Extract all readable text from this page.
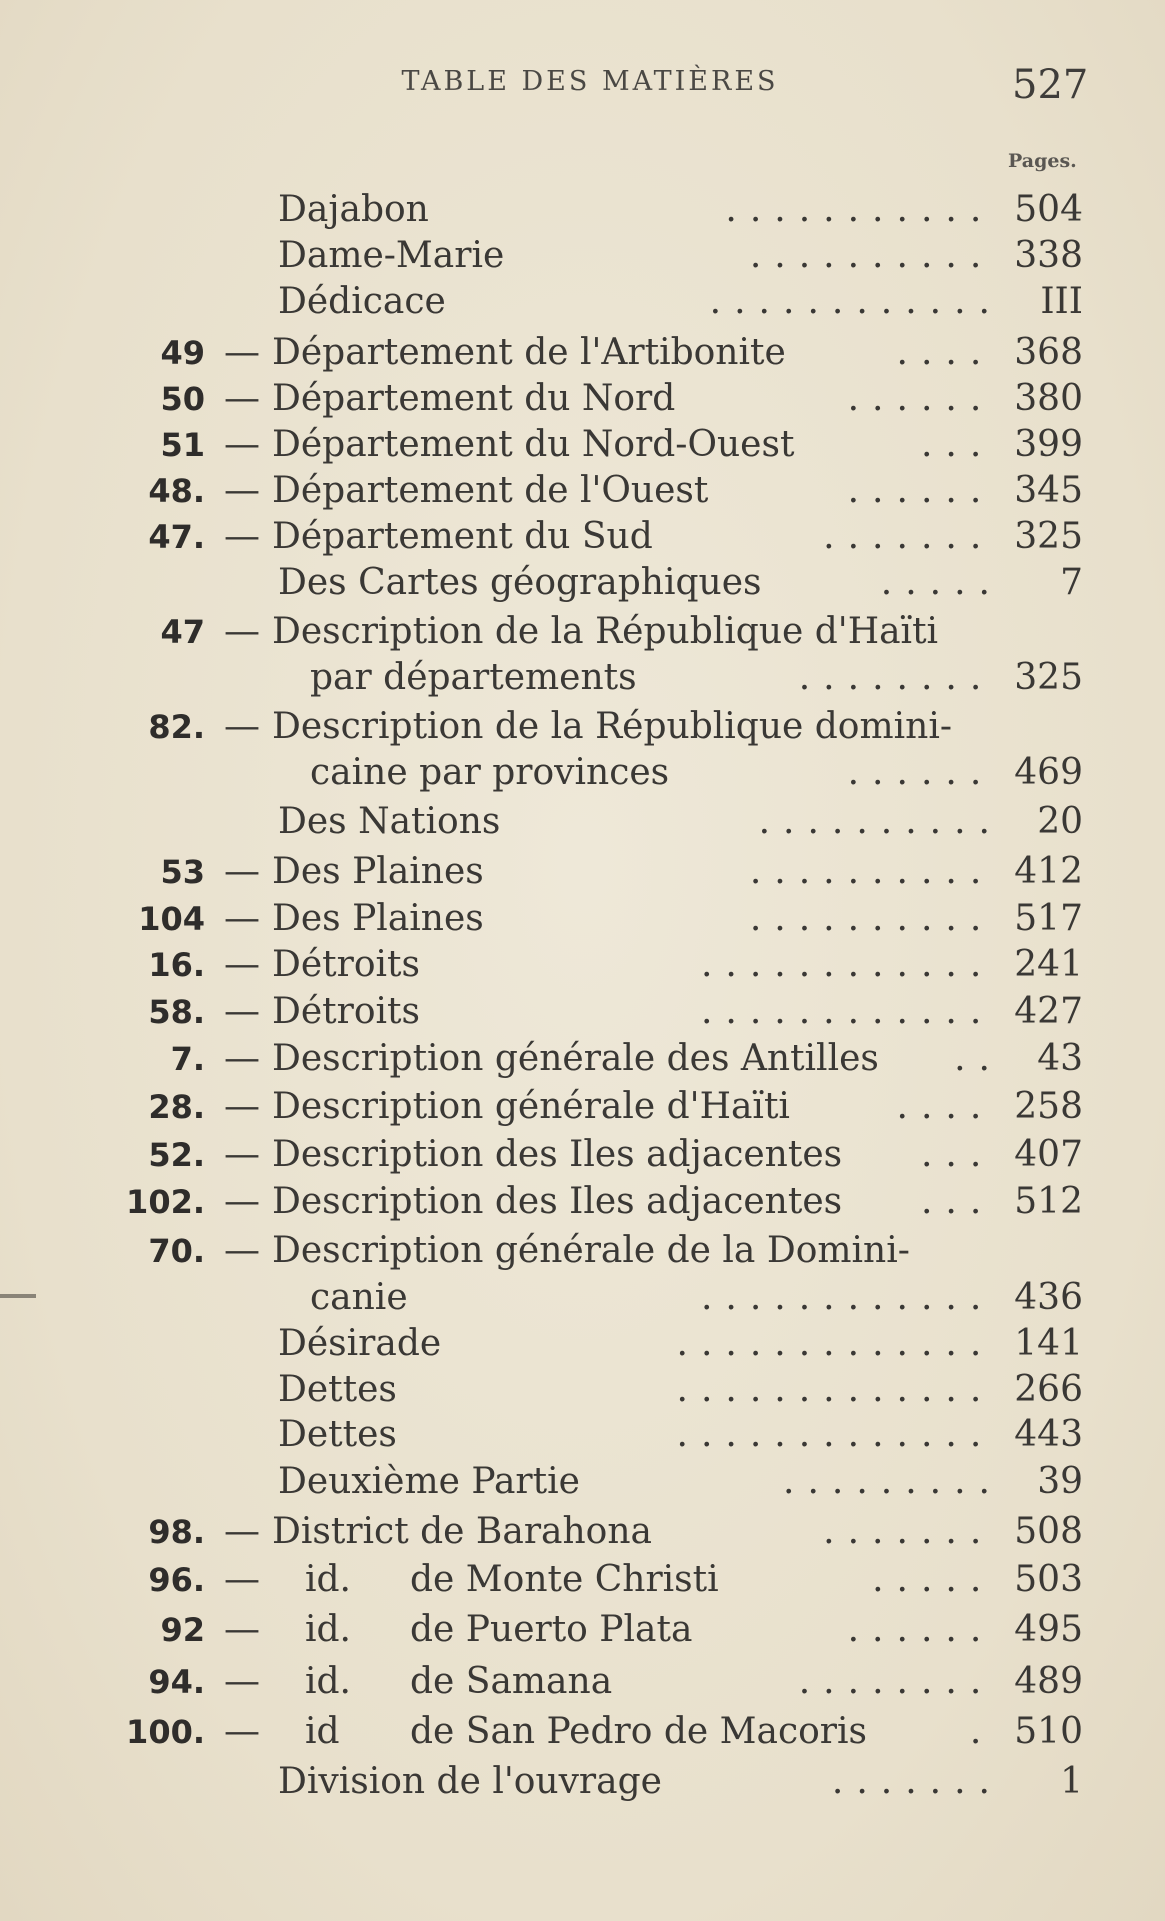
TABLE DES MATIÈRES	527
Pages.
Dajabon	........... 504
Dame-Marie	.......... 338
Dédicace	............ III
49 — Département de l'Artibonite	.... 368
50 — Département du Nord	...... 380
51 — Département du Nord-Ouest	... 399
48. — Département de l'Ouest	...... 345
47. — Département du Sud	....... 325
Des Cartes géographiques	..... 7
47 — Description de la République d'Haïti
par départements	........ 325
82. — Description de la République domini-
caine par provinces	...... 469
Des Nations	.......... 20
53 — Des Plaines	.......... 412
104 — Des Plaines	.......... 517
16. — Détroits	............ 241
58. — Détroits	............ 427
7. — Description générale des Antilles .. 43
28. — Description générale d'Haïti	.... 258
52. — Description des Iles adjacentes ... 407
102. — Description des Iles adjacentes ... 512
70. — Description générale de la Domini-
canie	............ 436
Désirade	............. 141
Dettes	............. 266
Dettes	............. 443
Deuxième Partie	......... 39
98. — District de Barahona	....... 508
96. — id. de Monte Christi	..... 503
92 — id. de Puerto Plata	...... 495
94. — id. de Samana	........ 489
100. — id de San Pedro de Macoris	. 510
Division de l'ouvrage	....... 1
